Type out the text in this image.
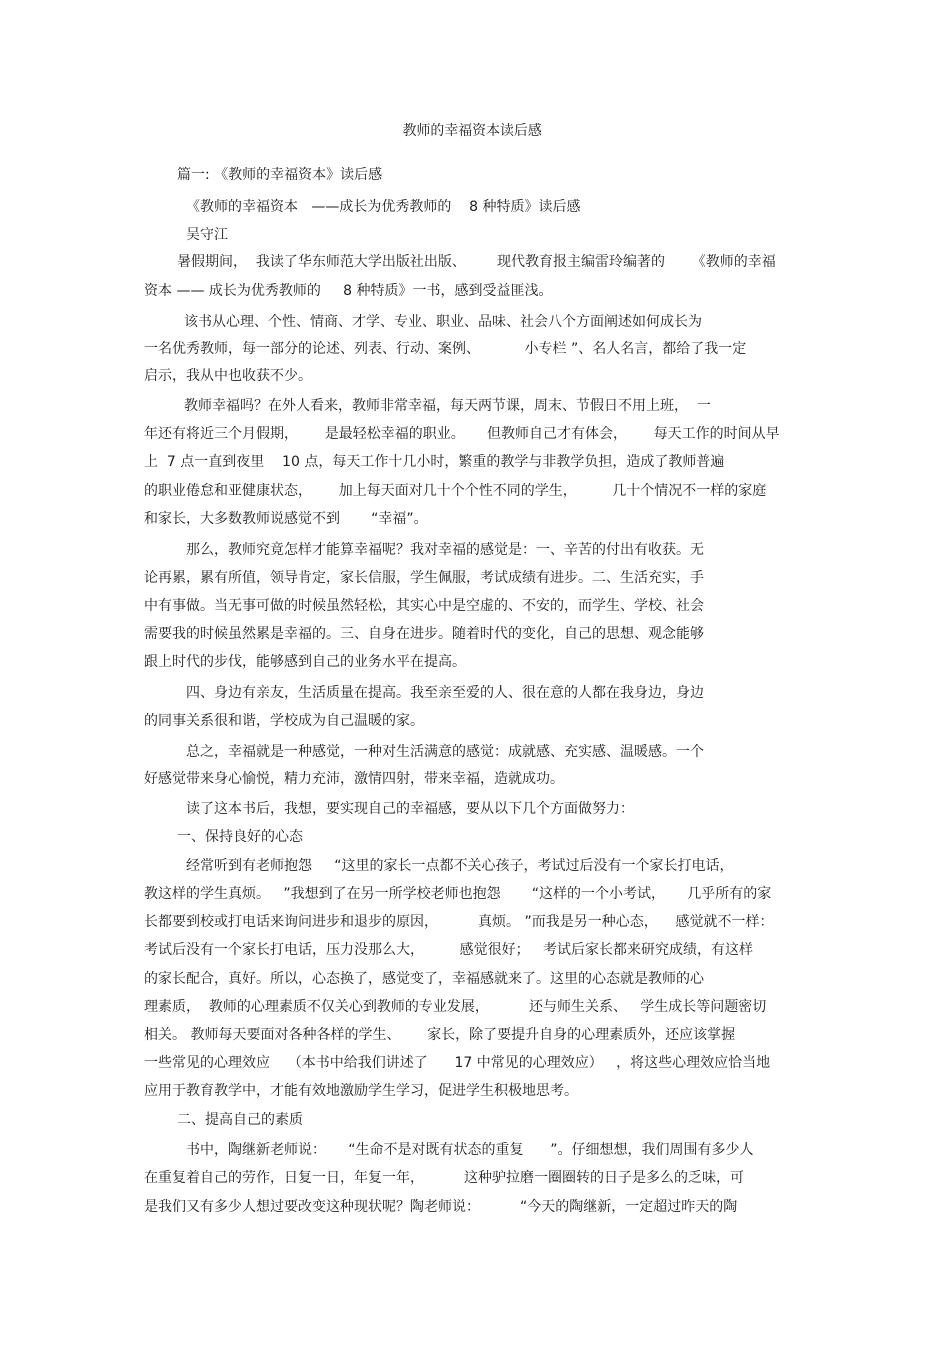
教师的幸福资本读后感
篇一: 《教师的幸福资本》读后感
《教师的幸福资本   ——成长为优秀教师的    8 种特质》读后感
吴守江
暑假期间，  我读了华东师范大学出版社出版、       现代教育报主编雷玲编著的      《教师的幸福
资本 —— 成长为优秀教师的     8 种特质》一书，感到受益匪浅。
该书从心理、个性、情商、才学、专业、职业、品味、社会八个方面阐述如何成长为
一名优秀教师，每一部分的论述、列表、行动、案例、          小专栏 ”、名人名言，都给了我一定
启示，我从中也收获不少。
教师幸福吗？在外人看来，教师非常幸福，每天两节课，周末、节假日不用上班，  一
年还有将近三个月假期，      是最轻松幸福的职业。     但教师自己才有体会，      每天工作的时间从早
上  7 点一直到夜里    10 点，每天工作十几小时，繁重的教学与非教学负担，造成了教师普遍
的职业倦怠和亚健康状态，      加上每天面对几十个个性不同的学生，        几十个情况不一样的家庭
和家长，大多数教师说感觉不到       “幸福”。
那么，教师究竟怎样才能算幸福呢？我对幸福的感觉是：一、辛苦的付出有收获。无
论再累，累有所值，领导肯定，家长信服，学生佩服，考试成绩有进步。二、生活充实，手
中有事做。当无事可做的时候虽然轻松，其实心中是空虚的、不安的，而学生、学校、社会
需要我的时候虽然累是幸福的。三、自身在进步。随着时代的变化，自己的思想、观念能够
跟上时代的步伐，能够感到自己的业务水平在提高。
四、身边有亲友，生活质量在提高。我至亲至爱的人、很在意的人都在我身边，身边
的同事关系很和谐，学校成为自己温暖的家。
总之，幸福就是一种感觉，一种对生活满意的感觉：成就感、充实感、温暖感。一个
好感觉带来身心愉悦，精力充沛，激情四射，带来幸福，造就成功。
读了这本书后，我想，要实现自己的幸福感，要从以下几个方面做努力：
一、保持良好的心态
经常听到有老师抱怨     “这里的家长一点都不关心孩子，考试过后没有一个家长打电话，
教这样的学生真烦。   ”我想到了在另一所学校老师也抱怨       “这样的一个小考试，     几乎所有的家
长都要到校或打电话来询问进步和退步的原因，         真烦。 ”而我是另一种心态，    感觉就不一样：
考试后没有一个家长打电话，压力没那么大，        感觉很好；   考试后家长都来研究成绩，有这样
的家长配合，真好。所以，心态换了，感觉变了，幸福感就来了。这里的心态就是教师的心
理素质，  教师的心理素质不仅关心到教师的专业发展，         还与师生关系、   学生成长等问题密切
相关。 教师每天要面对各种各样的学生、      家长，除了要提升自身的心理素质外，还应该掌握
一些常见的心理效应    （本书中给我们讲述了      17 中常见的心理效应）   ，将这些心理效应恰当地
应用于教育教学中，才能有效地激励学生学习，促进学生积极地思考。
二、提高自己的素质
书中，陶继新老师说：     “生命不是对既有状态的重复      ”。仔细想想，我们周围有多少人
在重复着自己的劳作，日复一日，年复一年，         这种驴拉磨一圈圈转的日子是多么的乏味，可
是我们又有多少人想过要改变这种现状呢？陶老师说：         “今天的陶继新，一定超过昨天的陶
